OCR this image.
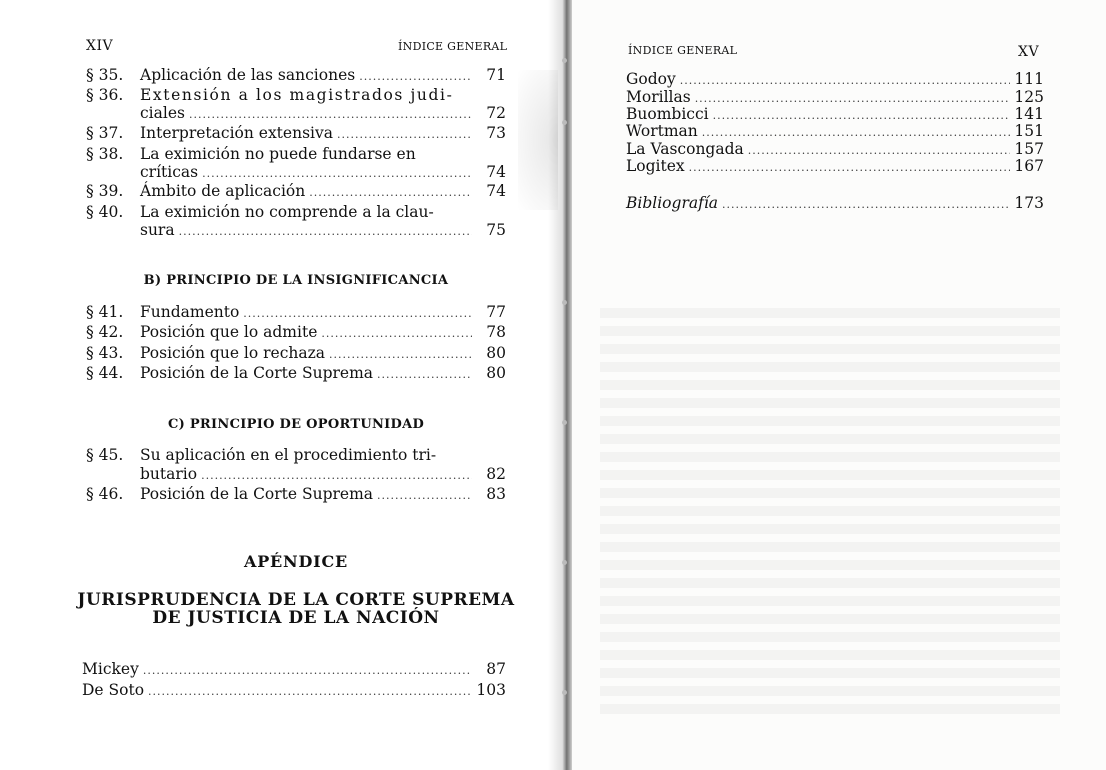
XIV	ÍNDICE GENERAL
§ 35.	Aplicación de las sanciones .....	71
§ 36.	Extensión a los magistrados judi-
ciales .....	72
§ 37.	Interpretación extensiva .....	73
§ 38.	La eximición no puede fundarse en
críticas .....	74
§ 39.	Ámbito de aplicación .....	74
§ 40.	La eximición no comprende a la clau-
sura .....	75
B) PRINCIPIO DE LA INSIGNIFICANCIA
§ 41.	Fundamento .....	77
§ 42.	Posición que lo admite .....	78
§ 43.	Posición que lo rechaza .....	80
§ 44.	Posición de la Corte Suprema .....	80
C) PRINCIPIO DE OPORTUNIDAD
§ 45.	Su aplicación en el procedimiento tri-
butario .....	82
§ 46.	Posición de la Corte Suprema .....	83
APÉNDICE
JURISPRUDENCIA DE LA CORTE SUPREMA
DE JUSTICIA DE LA NACIÓN
Mickey .....	87
De Soto .....	103
ÍNDICE GENERAL	XV
Godoy .....	111
Morillas .....	125
Buombicci .....	141
Wortman .....	151
La Vascongada .....	157
Logitex .....	167
Bibliografía .....	173
